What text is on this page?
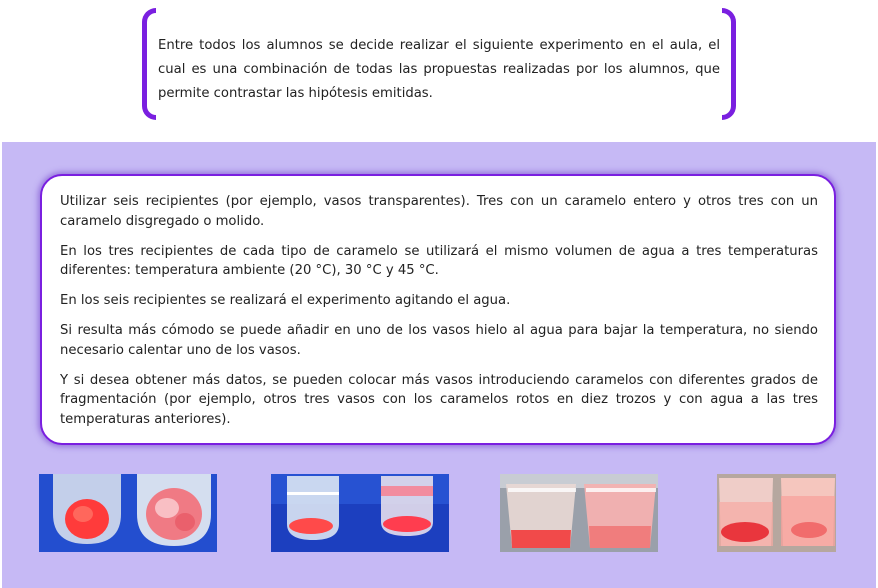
Entre todos los alumnos se decide realizar el siguiente experimento en el aula, el cual es una combinación de todas las propuestas realizadas por los alumnos, que permite contrastar las hipótesis emitidas.

Utilizar seis recipientes (por ejemplo, vasos transparentes). Tres con un caramelo entero y otros tres con un caramelo disgregado o molido.

En los tres recipientes de cada tipo de caramelo se utilizará el mismo volumen de agua a tres temperaturas diferentes: temperatura ambiente (20 °C), 30 °C y 45 °C.

En los seis recipientes se realizará el experimento agitando el agua.

Si resulta más cómodo se puede añadir en uno de los vasos hielo al agua para bajar la temperatura, no siendo necesario calentar uno de los vasos.

Y si desea obtener más datos, se pueden colocar más vasos introduciendo caramelos con diferentes grados de fragmentación (por ejemplo, otros tres vasos con los caramelos rotos en diez trozos y con agua a las tres temperaturas anteriores).
